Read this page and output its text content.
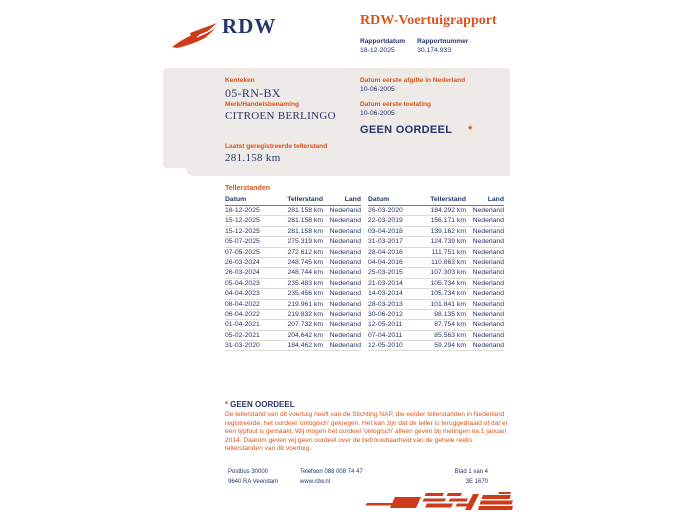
RDW	RDW-Voertuigrapport
Rapportdatum
18-12-2025
Rapportnummer
30.174.933
Kenteken
05-RN-BX
Merk/Handelsbenaming
CITROEN BERLINGO
Laatst geregistreerde tellerstand
281.158 km
Datum eerste afgifte in Nederland
10-06-2005
Datum eerste toelating
10-06-2005
GEEN OORDEEL *
Tellerstanden
Datum	Tellerstand	Land
18-12-2025	281.158 km Nederland
15-12-2025	281.158 km Nederland
15-12-2025	281.158 km Nederland
05-07-2025	275.319 km Nederland
07-05-2025	272.612 km Nederland
26-03-2024	248.745 km Nederland
26-03-2024	248.744 km Nederland
05-04-2023	235.483 km Nederland
04-04-2023	235.456 km Nederland
08-04-2022	219.961 km Nederland
06-04-2022	219.832 km Nederland
01-04-2021	207.732 km Nederland
05-02-2021	204.642 km Nederland
31-03-2020	184.462 km Nederland
Datum	Tellerstand	Land
26-03-2020	184.292 km Nederland
22-03-2019	156.171 km Nederland
03-04-2018	139.162 km Nederland
31-03-2017	124.739 km Nederland
28-04-2016	111.751 km Nederland
04-04-2016	110.863 km Nederland
25-03-2015	107.303 km Nederland
21-03-2014	105.734 km Nederland
14-03-2014	105.734 km Nederland
28-03-2013	101.841 km Nederland
30-06-2012	98.135 km Nederland
12-05-2011	87.754 km Nederland
07-04-2011	85.563 km Nederland
12-05-2010	59.294 km Nederland
* GEEN OORDEEL
De tellerstand van dit voertuig heeft van de Stichting NAP, die eerder tellerstanden in Nederland registreerde, het oordeel 'onlogisch' gekregen. Het kan zijn dat de teller is teruggedraaid of dat er een typfout is gemaakt. Wij mogen het oordeel 'onlogisch' alleen geven bij metingen na 1 januari 2014. Daarom geven wij geen oordeel over de betrouwbaarheid van de gehele reeks tellerstanden van dit voertuig.
Postbus 30000
9640 RA Veendam
Telefoon 088 008 74 47
www.rdw.nl
Blad 1 van 4
3E 1670
